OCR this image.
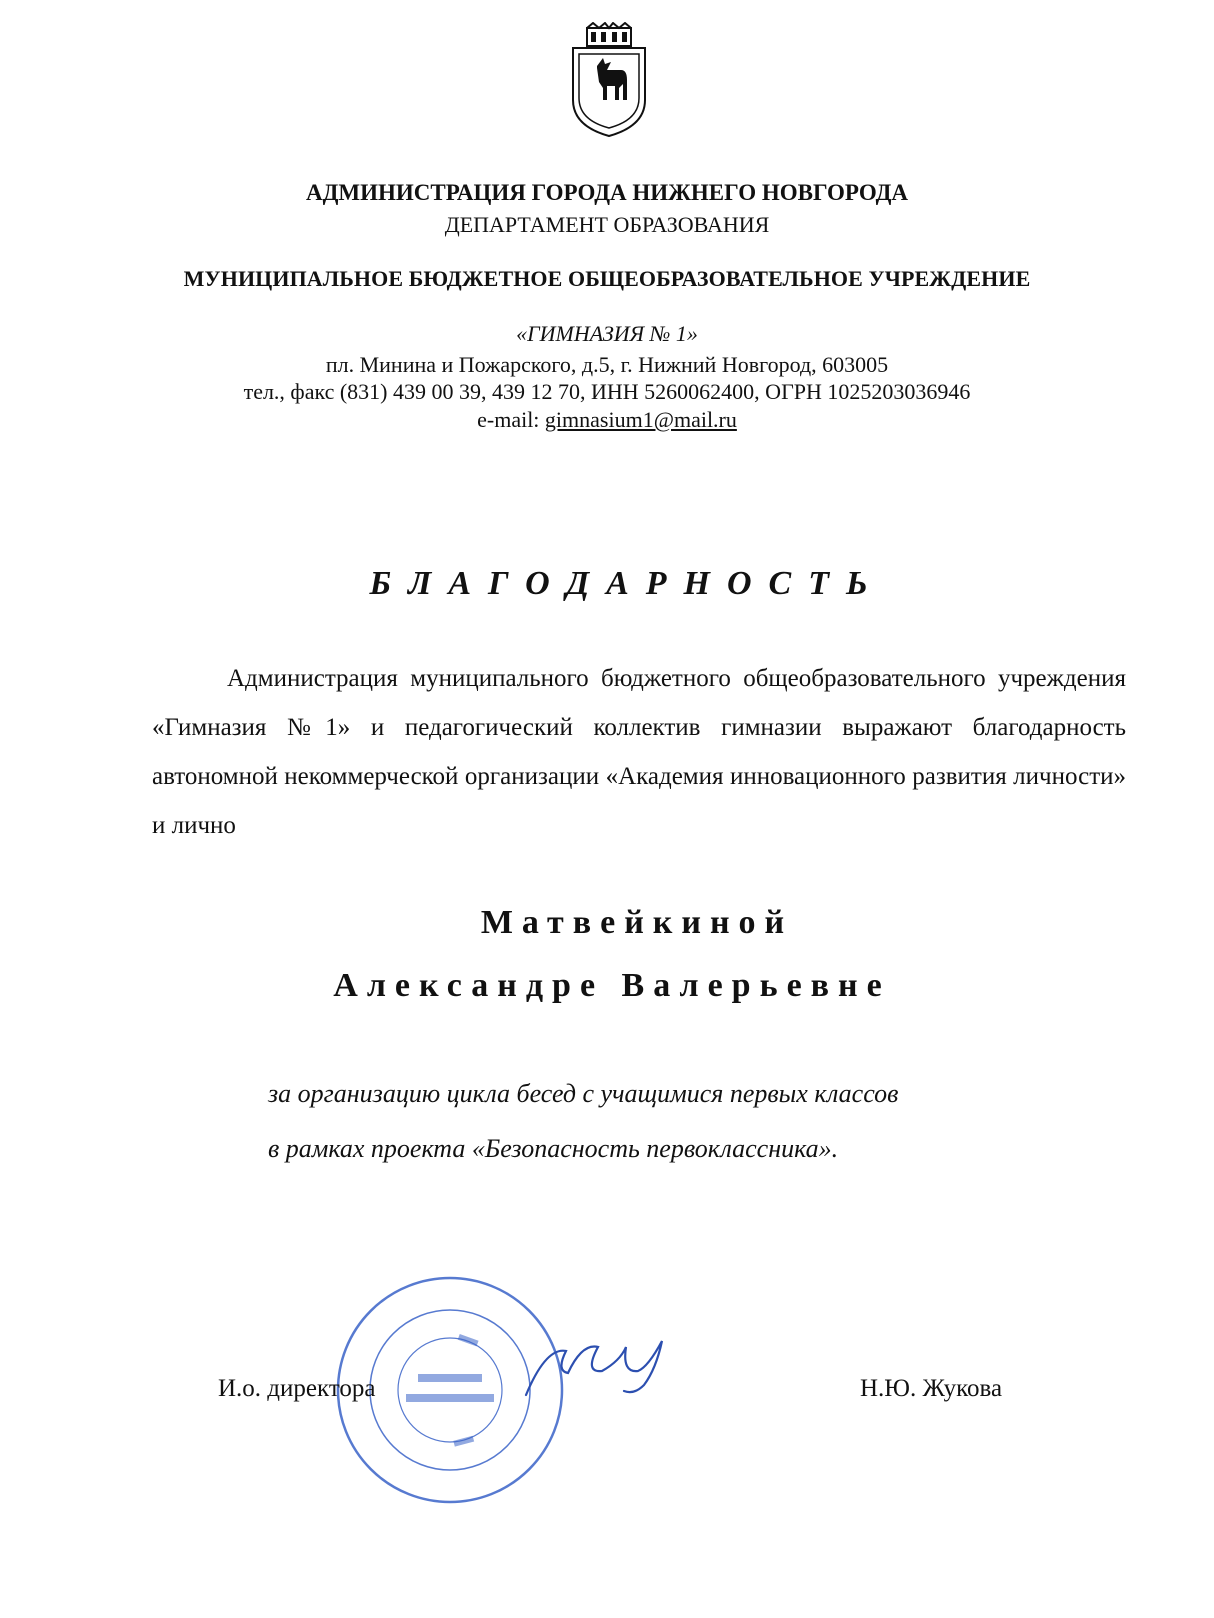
АДМИНИСТРАЦИЯ ГОРОДА НИЖНЕГО НОВГОРОДА
ДЕПАРТАМЕНТ ОБРАЗОВАНИЯ
МУНИЦИПАЛЬНОЕ БЮДЖЕТНОЕ ОБЩЕОБРАЗОВАТЕЛЬНОЕ УЧРЕЖДЕНИЕ
«ГИМНАЗИЯ № 1»
пл. Минина и Пожарского, д.5, г. Нижний Новгород, 603005
тел., факс (831) 439 00 39, 439 12 70, ИНН 5260062400, ОГРН 1025203036946
e-mail: gimnasium1@mail.ru
БЛАГОДАРНОСТЬ
Администрация муниципального бюджетного общеобразовательного учреждения «Гимназия №1» и педагогический коллектив гимназии выражают благодарность автономной некоммерческой организации «Академия инновационного развития личности» и лично
Матвейкиной
Александре Валерьевне
за организацию цикла бесед с учащимися первых классов
в рамках проекта «Безопасность первоклассника».
И.о. директора	Н.Ю. Жукова
